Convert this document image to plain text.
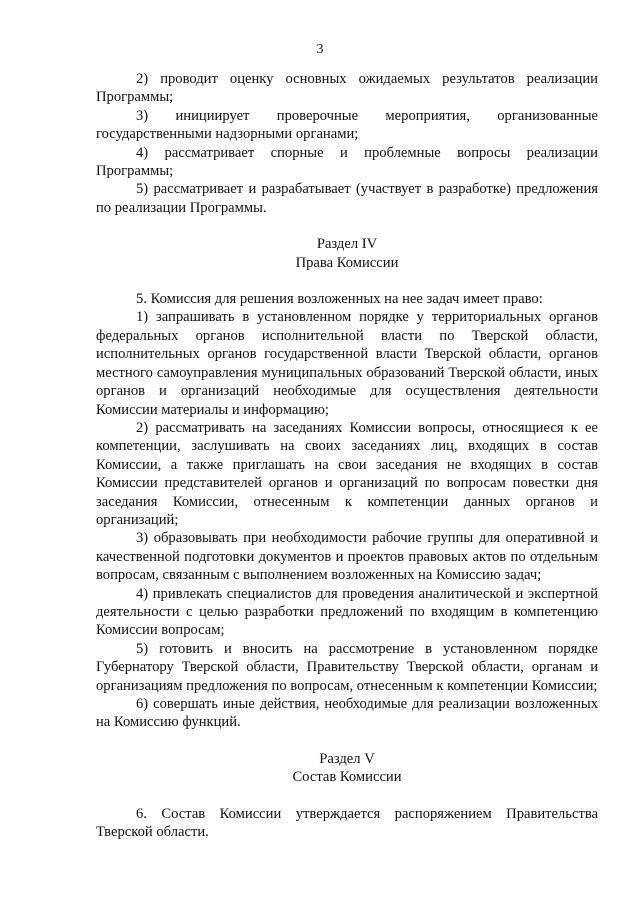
3

2) проводит оценку основных ожидаемых результатов реализации Программы;

3) инициирует проверочные мероприятия, организованные государственными надзорными органами;

4) рассматривает спорные и проблемные вопросы реализации Программы;

5) рассматривает и разрабатывает (участвует в разработке) предложения по реализации Программы.

Раздел IV

Права Комиссии

5. Комиссия для решения возложенных на нее задач имеет право:

1) запрашивать в установленном порядке у территориальных органов федеральных органов исполнительной власти по Тверской области, исполнительных органов государственной власти Тверской области, органов местного самоуправления муниципальных образований Тверской области, иных органов и организаций необходимые для осуществления деятельности Комиссии материалы и информацию;

2) рассматривать на заседаниях Комиссии вопросы, относящиеся к ее компетенции, заслушивать на своих заседаниях лиц, входящих в состав Комиссии, а также приглашать на свои заседания не входящих в состав Комиссии представителей органов и организаций по вопросам повестки дня заседания Комиссии, отнесенным к компетенции данных органов и организаций;

3) образовывать при необходимости рабочие группы для оперативной и качественной подготовки документов и проектов правовых актов по отдельным вопросам, связанным с выполнением возложенных на Комиссию задач;

4) привлекать специалистов для проведения аналитической и экспертной деятельности с целью разработки предложений по входящим в компетенцию Комиссии вопросам;

5) готовить и вносить на рассмотрение в установленном порядке Губернатору Тверской области, Правительству Тверской области, органам и организациям предложения по вопросам, отнесенным к компетенции Комиссии;

6) совершать иные действия, необходимые для реализации возложенных на Комиссию функций.

Раздел V

Состав Комиссии

6. Состав Комиссии утверждается распоряжением Правительства Тверской области.
